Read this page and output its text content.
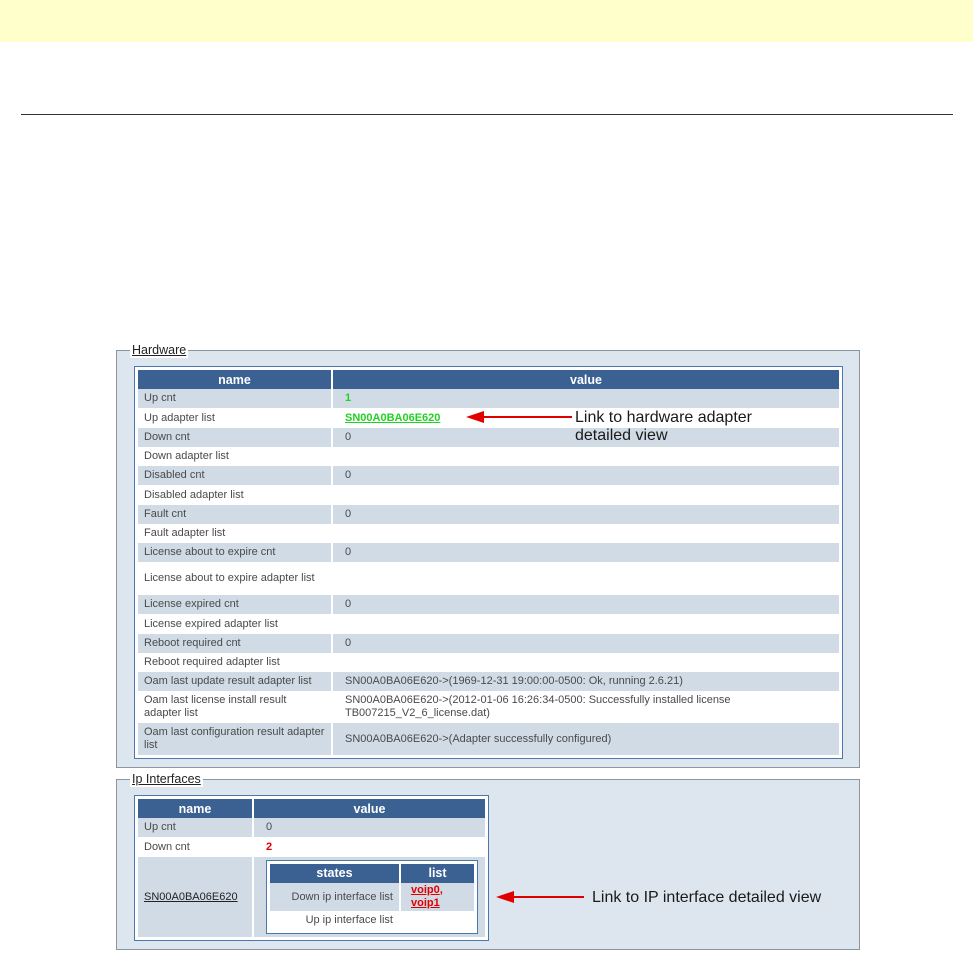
Hardware
name	value
Up cnt	1
Up adapter list	SN00A0BA06E620
Down cnt	0
Down adapter list	
Disabled cnt	0
Disabled adapter list	
Fault cnt	0
Fault adapter list	
License about to expire cnt	0
License about to expire adapter list	
License expired cnt	0
License expired adapter list	
Reboot required cnt	0
Reboot required adapter list	
Oam last update result adapter list	SN00A0BA06E620->(1969-12-31 19:00:00-0500: Ok, running 2.6.21)
Oam last license install result adapter list	SN00A0BA06E620->(2012-01-06 16:26:34-0500: Successfully installed license TB007215_V2_6_license.dat)
Oam last configuration result adapter list	SN00A0BA06E620->(Adapter successfully configured)
Link to hardware adapter
detailed view
Ip Interfaces
name	value
Up cnt	0
Down cnt	2
SN00A0BA06E620	
states	list
Down ip interface list	voip0, voip1
Up ip interface list	
Link to IP interface detailed view
